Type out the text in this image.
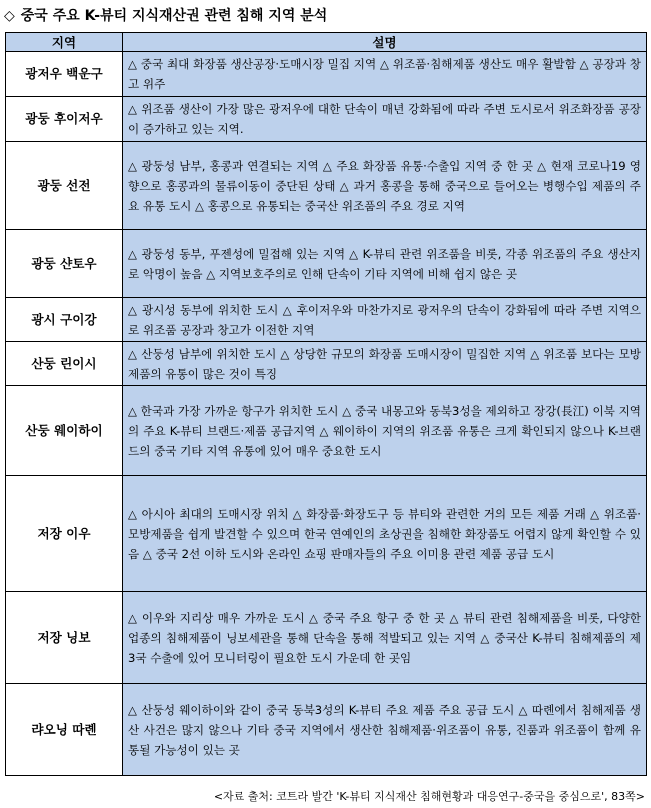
◇ 중국 주요 K-뷰티 지식재산권 관련 침해 지역 분석
지역	설명
광저우 백운구	△ 중국 최대 화장품 생산공장·도매시장 밀집 지역 △ 위조품·침해제품 생산도 매우 활발함 △ 공장과 창고 위주
광둥 후이저우	△ 위조품 생산이 가장 많은 광저우에 대한 단속이 매년 강화됨에 따라 주변 도시로서 위조화장품 공장이 증가하고 있는 지역.
광둥 선전	△ 광둥성 남부, 홍콩과 연결되는 지역 △ 주요 화장품 유통·수출입 지역 중 한 곳 △ 현재 코로나19 영향으로 홍콩과의 물류이동이 중단된 상태 △ 과거 홍콩을 통해 중국으로 들어오는 병행수입 제품의 주요 유통 도시 △ 홍콩으로 유통되는 중국산 위조품의 주요 경로 지역
광둥 샨토우	△ 광둥성 동부, 푸젠성에 밀접해 있는 지역 △ K-뷰티 관련 위조품을 비롯, 각종 위조품의 주요 생산지로 악명이 높음 △ 지역보호주의로 인해 단속이 기타 지역에 비해 쉽지 않은 곳
광시 구이강	△ 광시성 동부에 위치한 도시 △ 후이저우와 마찬가지로 광저우의 단속이 강화됨에 따라 주변 지역으로 위조품 공장과 창고가 이전한 지역
산둥 린이시	△ 산둥성 남부에 위치한 도시 △ 상당한 규모의 화장품 도매시장이 밀집한 지역 △ 위조품 보다는 모방제품의 유통이 많은 것이 특징
산둥 웨이하이	△ 한국과 가장 가까운 항구가 위치한 도시 △ 중국 내몽고와 동북3성을 제외하고 장강(長江) 이북 지역의 주요 K-뷰티 브랜드·제품 공급지역 △ 웨이하이 지역의 위조품 유통은 크게 확인되지 않으나 K-브랜드의 중국 기타 지역 유통에 있어 매우 중요한 도시
저장 이우	△ 아시아 최대의 도매시장 위치 △ 화장품·화장도구 등 뷰티와 관련한 거의 모든 제품 거래 △ 위조품·모방제품을 쉽게 발견할 수 있으며 한국 연예인의 초상권을 침해한 화장품도 어렵지 않게 확인할 수 있음 △ 중국 2선 이하 도시와 온라인 쇼핑 판매자들의 주요 이미용 관련 제품 공급 도시
저장 닝보	△ 이우와 지리상 매우 가까운 도시 △ 중국 주요 항구 중 한 곳 △ 뷰티 관련 침해제품을 비롯, 다양한 업종의 침해제품이 닝보세관을 통해 단속을 통해 적발되고 있는 지역 △ 중국산 K-뷰티 침해제품의 제 3국 수출에 있어 모니터링이 필요한 도시 가운데 한 곳임
랴오닝 따롄	△ 산둥성 웨이하이와 같이 중국 동북3성의 K-뷰티 주요 제품 주요 공급 도시 △ 따롄에서 침해제품 생산 사건은 많지 않으나 기타 중국 지역에서 생산한 침해제품·위조품이 유통, 진품과 위조품이 함께 유통될 가능성이 있는 곳
<자료 출처: 코트라 발간 'K-뷰티 지식재산 침해현황과 대응연구-중국을 중심으로', 83쪽>
